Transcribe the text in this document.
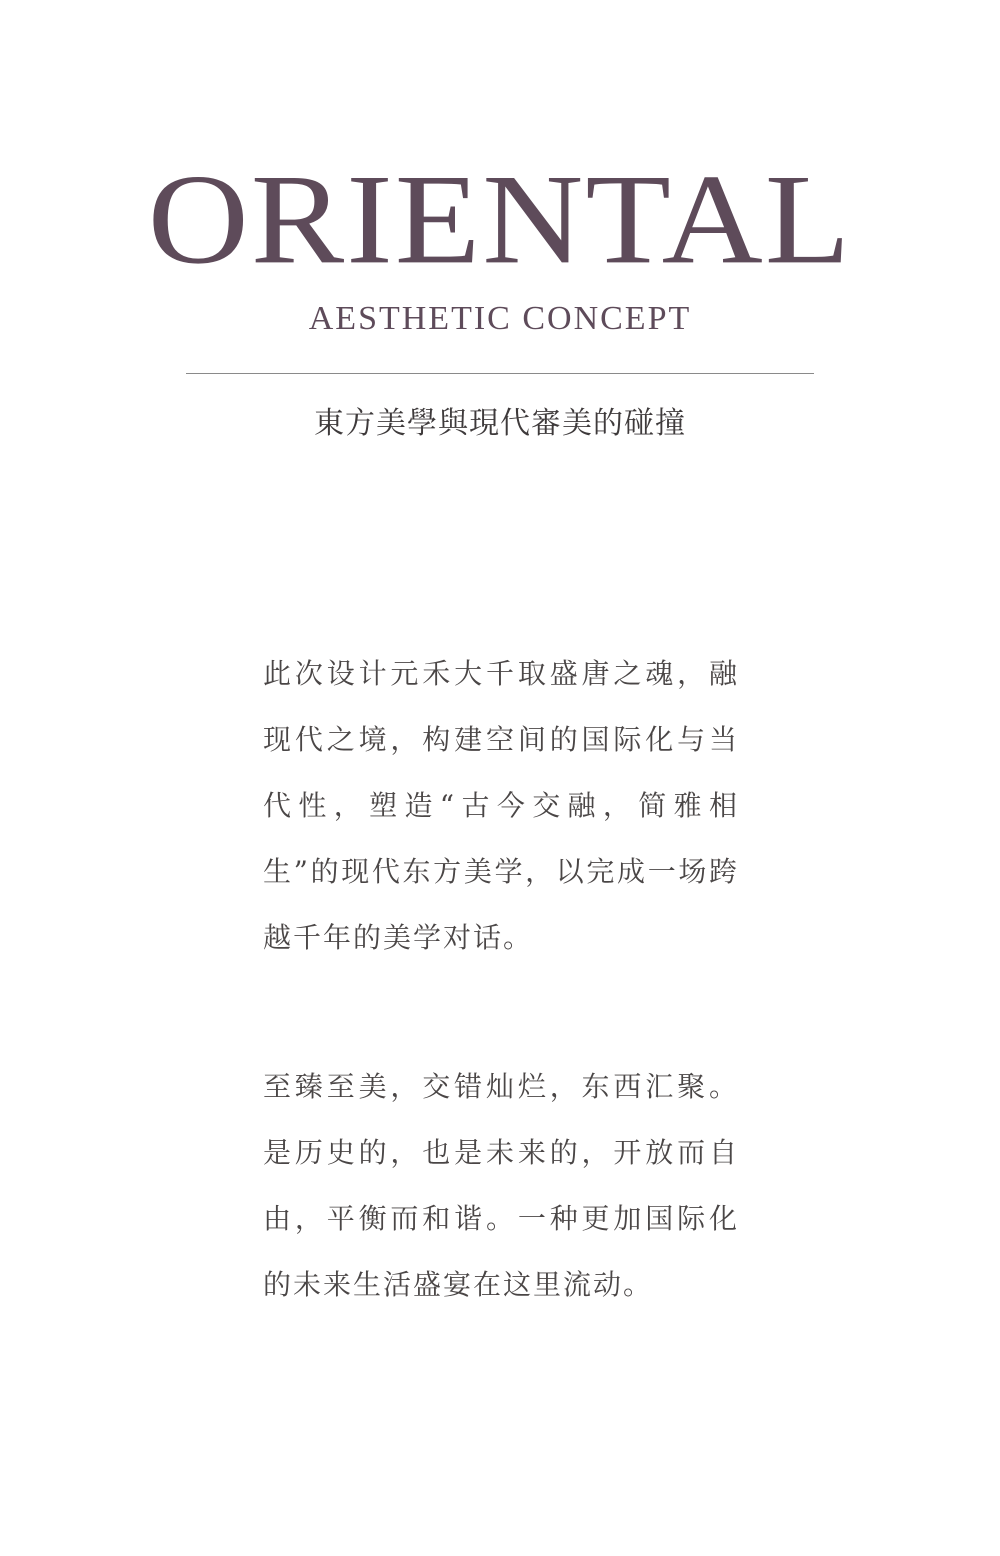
ORIENTAL
AESTHETIC CONCEPT
東方美學與現代審美的碰撞

此次设计元禾大千取盛唐之魂，融现代之境，构建空间的国际化与当代性，塑造“古今交融，简雅相生”的现代东方美学，以完成一场跨越千年的美学对话。

至臻至美，交错灿烂，东西汇聚。是历史的，也是未来的，开放而自由，平衡而和谐。一种更加国际化的未来生活盛宴在这里流动。
